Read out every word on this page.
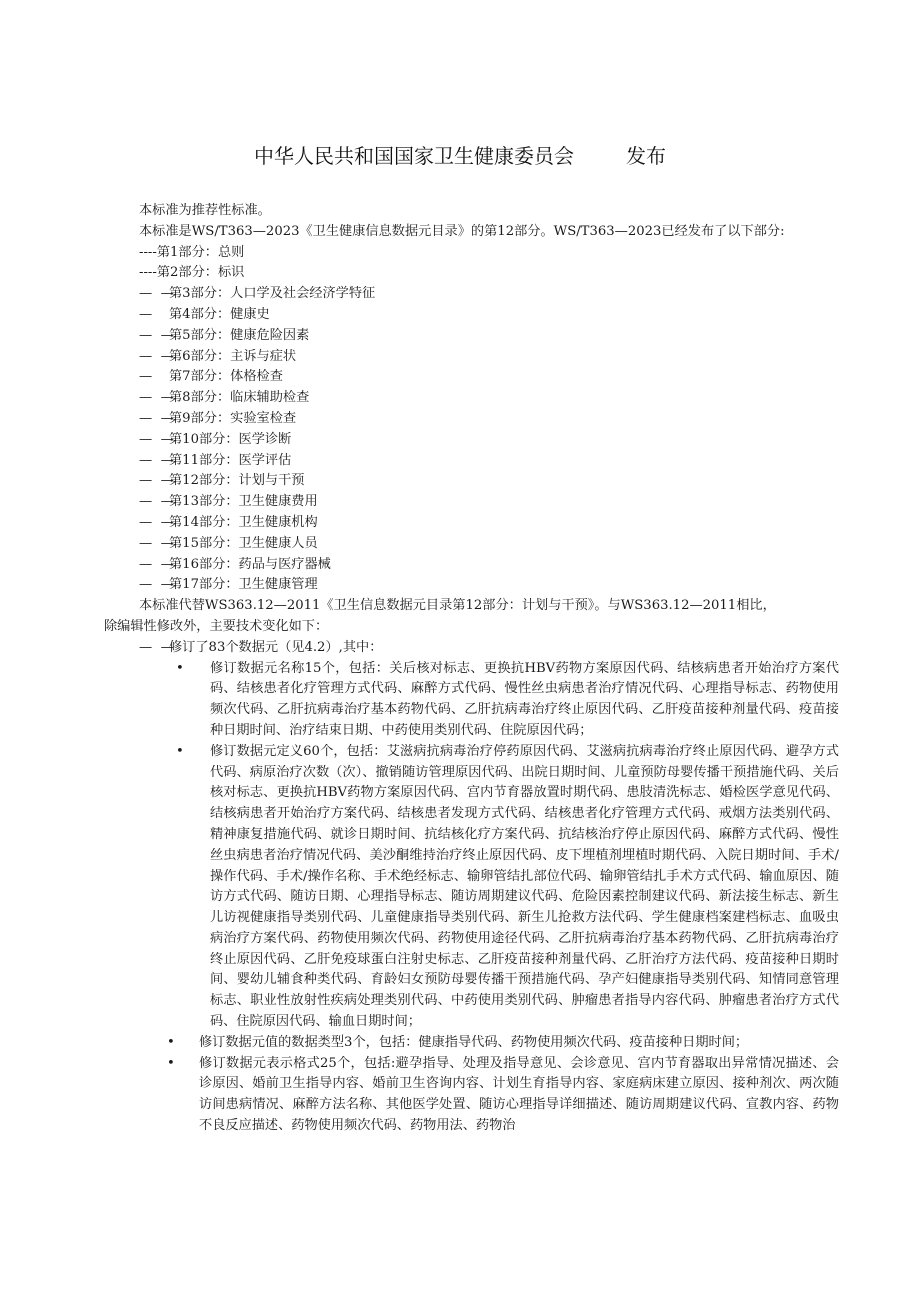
中华人民共和国国家卫生健康委员会	发布
本标准为推荐性标准。
本标准是WS/T363—2023《卫生健康信息数据元目录》的第12部分。WS/T363—2023已经发布了以下部分:
----第1部分：总则
----第2部分：标识
—  —第3部分：人口学及社会经济学特征
—   第4部分：健康史
—  —第5部分：健康危险因素
—  —第6部分：主诉与症状
—   第7部分：体格检查
—  —第8部分：临床辅助检查
—  —第9部分：实验室检查
—  —第10部分：医学诊断
—  —第11部分：医学评估
—  —第12部分：计划与干预
—  —第13部分：卫生健康费用
—  —第14部分：卫生健康机构
—  —第15部分：卫生健康人员
—  —第16部分：药品与医疗器械
—  —第17部分：卫生健康管理
本标准代替WS363.12—2011《卫生信息数据元目录第12部分：计划与干预》。与WS363.12—2011相比，
除编辑性修改外，主要技术变化如下：
—  —修订了83个数据元（见4.2）,其中：
• 修订数据元名称15个，包括：关后核对标志、更换抗HBV药物方案原因代码、结核病患者开始治疗方案代码、结核患者化疗管理方式代码、麻醉方式代码、慢性丝虫病患者治疗情况代码、心理指导标志、药物使用频次代码、乙肝抗病毒治疗基本药物代码、乙肝抗病毒治疗终止原因代码、乙肝疫苗接种剂量代码、疫苗接种日期时间、治疗结束日期、中药使用类别代码、住院原因代码；
• 修订数据元定义60个，包括：艾滋病抗病毒治疗停药原因代码、艾滋病抗病毒治疗终止原因代码、避孕方式代码、病原治疗次数（次）、撤销随访管理原因代码、出院日期时间、儿童预防母婴传播干预措施代码、关后核对标志、更换抗HBV药物方案原因代码、宫内节育器放置时期代码、患肢清洗标志、婚检医学意见代码、结核病患者开始治疗方案代码、结核患者发现方式代码、结核患者化疗管理方式代码、戒烟方法类别代码、精神康复措施代码、就诊日期时间、抗结核化疗方案代码、抗结核治疗停止原因代码、麻醉方式代码、慢性丝虫病患者治疗情况代码、美沙酮维持治疗终止原因代码、皮下埋植剂埋植时期代码、入院日期时间、手术/操作代码、手术/操作名称、手术绝经标志、输卵管结扎部位代码、输卵管结扎手术方式代码、输血原因、随访方式代码、随访日期、心理指导标志、随访周期建议代码、危险因素控制建议代码、新法接生标志、新生儿访视健康指导类别代码、儿童健康指导类别代码、新生儿抢救方法代码、学生健康档案建档标志、血吸虫病治疗方案代码、药物使用频次代码、药物使用途径代码、乙肝抗病毒治疗基本药物代码、乙肝抗病毒治疗终止原因代码、乙肝免疫球蛋白注射史标志、乙肝疫苗接种剂量代码、乙肝治疗方法代码、疫苗接种日期时间、婴幼儿辅食种类代码、育龄妇女预防母婴传播干预措施代码、孕产妇健康指导类别代码、知情同意管理标志、职业性放射性疾病处理类别代码、中药使用类别代码、肿瘤患者指导内容代码、肿瘤患者治疗方式代码、住院原因代码、输血日期时间；
• 修订数据元值的数据类型3个，包括：健康指导代码、药物使用频次代码、疫苗接种日期时间；
• 修订数据元表示格式25个，包括:避孕指导、处理及指导意见、会诊意见、宫内节育器取出异常情况描述、会诊原因、婚前卫生指导内容、婚前卫生咨询内容、计划生育指导内容、家庭病床建立原因、接种剂次、两次随访间患病情况、麻醉方法名称、其他医学处置、随访心理指导详细描述、随访周期建议代码、宣教内容、药物不良反应描述、药物使用频次代码、药物用法、药物治
